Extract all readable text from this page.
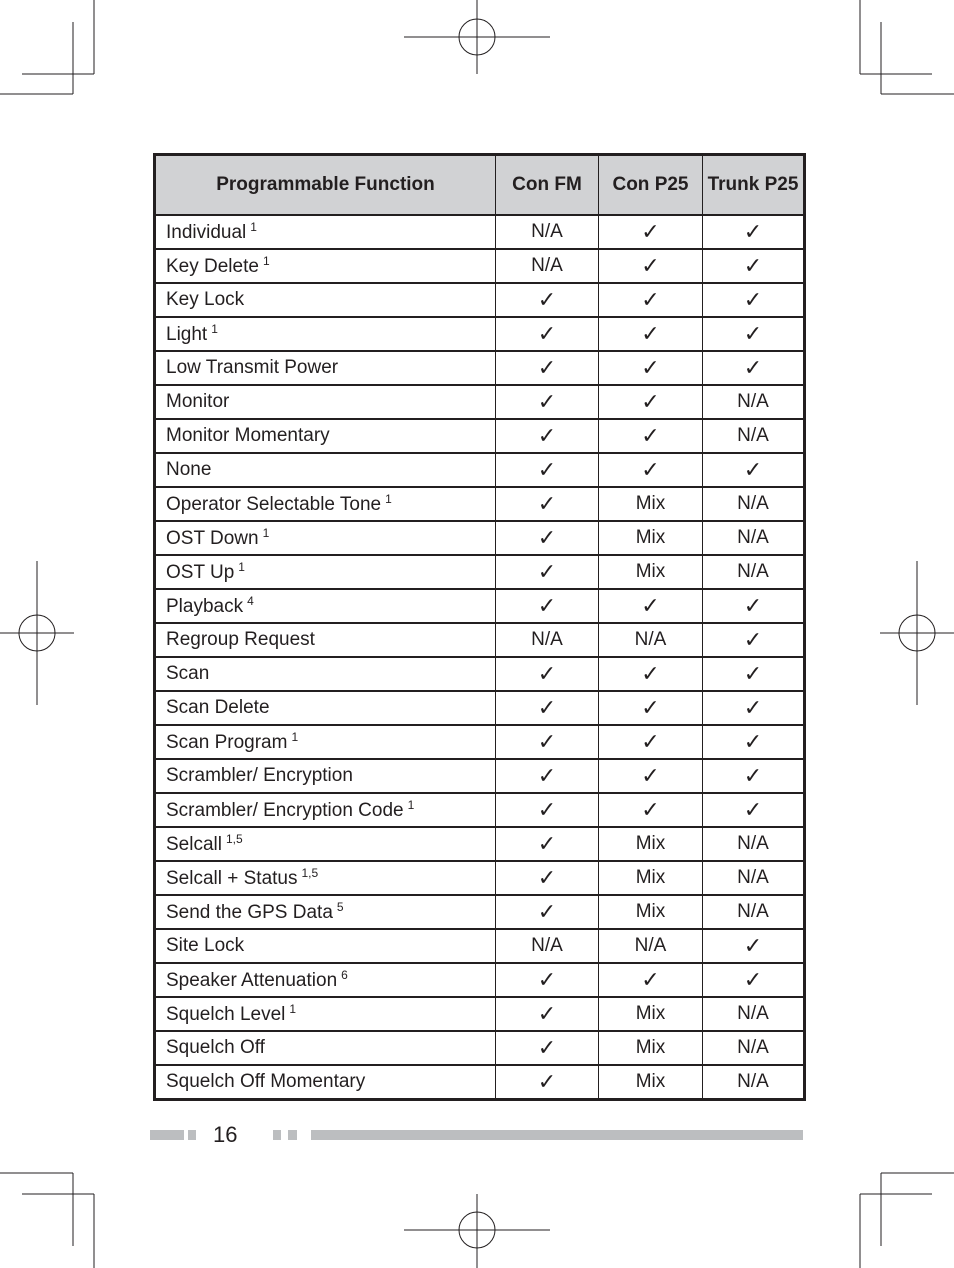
Programmable Function	Con FM	Con P25	Trunk P25
Individual $^1$	N/A	✓	✓
Key Delete $^1$	N/A	✓	✓
Key Lock	✓	✓	✓
Light $^1$	✓	✓	✓
Low Transmit Power	✓	✓	✓
Monitor	✓	✓	N/A
Monitor Momentary	✓	✓	N/A
None	✓	✓	✓
Operator Selectable Tone $^1$	✓	Mix	N/A
OST Down $^1$	✓	Mix	N/A
OST Up $^1$	✓	Mix	N/A
Playback $^4$	✓	✓	✓
Regroup Request	N/A	N/A	✓
Scan	✓	✓	✓
Scan Delete	✓	✓	✓
Scan Program $^1$	✓	✓	✓
Scrambler/ Encryption	✓	✓	✓
Scrambler/ Encryption Code $^1$	✓	✓	✓
Selcall $^{1,5}$	✓	Mix	N/A
Selcall + Status $^{1,5}$	✓	Mix	N/A
Send the GPS Data $^5$	✓	Mix	N/A
Site Lock	N/A	N/A	✓
Speaker Attenuation $^6$	✓	✓	✓
Squelch Level $^1$	✓	Mix	N/A
Squelch Off	✓	Mix	N/A
Squelch Off Momentary	✓	Mix	N/A
16
